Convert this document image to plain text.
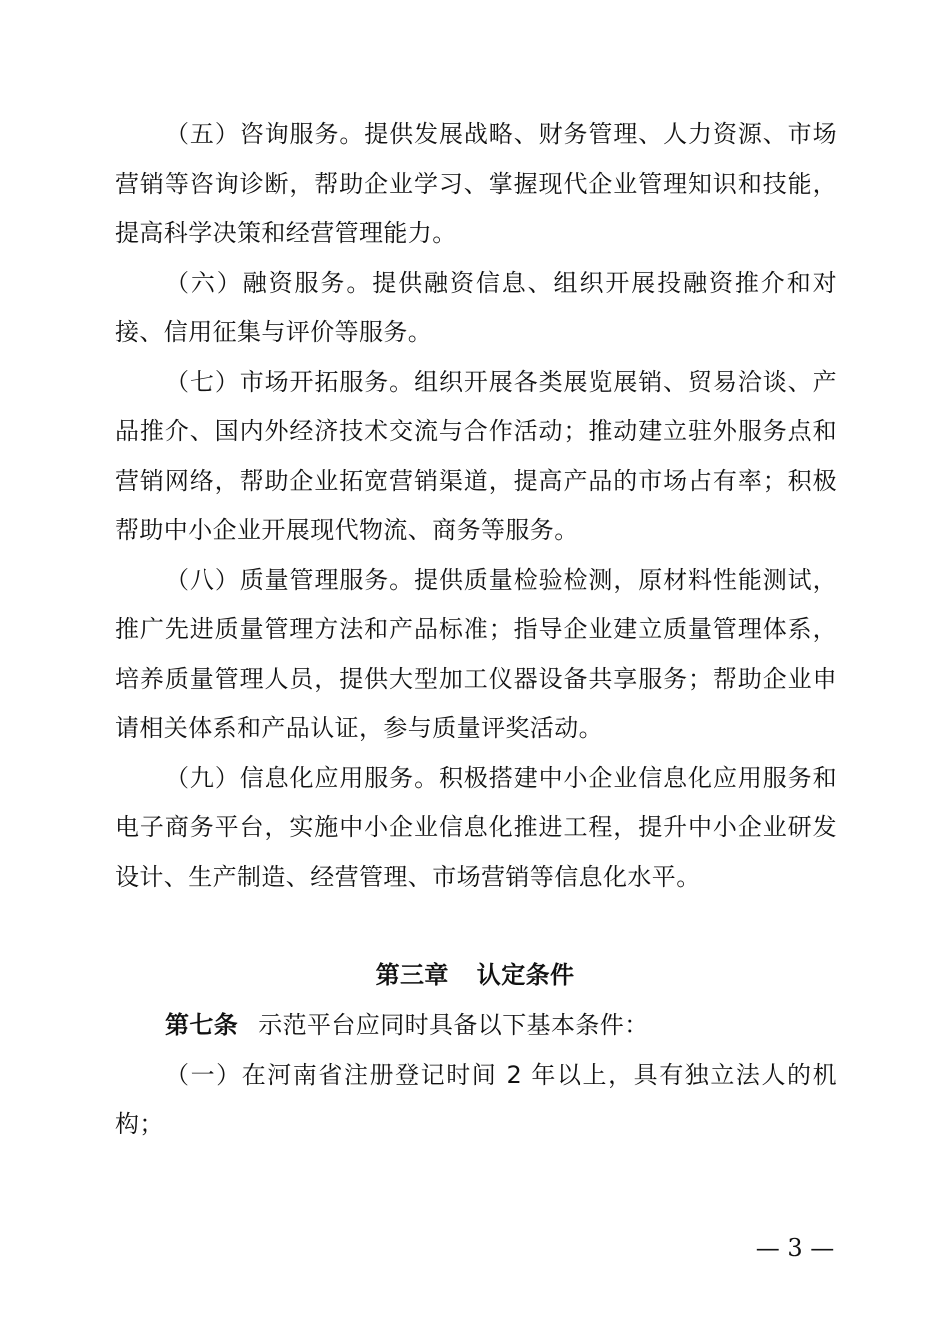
（五）咨询服务。提供发展战略、财务管理、人力资源、市场营销等咨询诊断，帮助企业学习、掌握现代企业管理知识和技能，提高科学决策和经营管理能力。

（六）融资服务。提供融资信息、组织开展投融资推介和对接、信用征集与评价等服务。

（七）市场开拓服务。组织开展各类展览展销、贸易洽谈、产品推介、国内外经济技术交流与合作活动；推动建立驻外服务点和营销网络，帮助企业拓宽营销渠道，提高产品的市场占有率；积极帮助中小企业开展现代物流、商务等服务。

（八）质量管理服务。提供质量检验检测，原材料性能测试，推广先进质量管理方法和产品标准；指导企业建立质量管理体系，培养质量管理人员，提供大型加工仪器设备共享服务；帮助企业申请相关体系和产品认证，参与质量评奖活动。

（九）信息化应用服务。积极搭建中小企业信息化应用服务和电子商务平台，实施中小企业信息化推进工程，提升中小企业研发设计、生产制造、经营管理、市场营销等信息化水平。

第三章 认定条件

第七条 示范平台应同时具备以下基本条件：

（一）在河南省注册登记时间 2 年以上，具有独立法人的机构；

— 3 —
